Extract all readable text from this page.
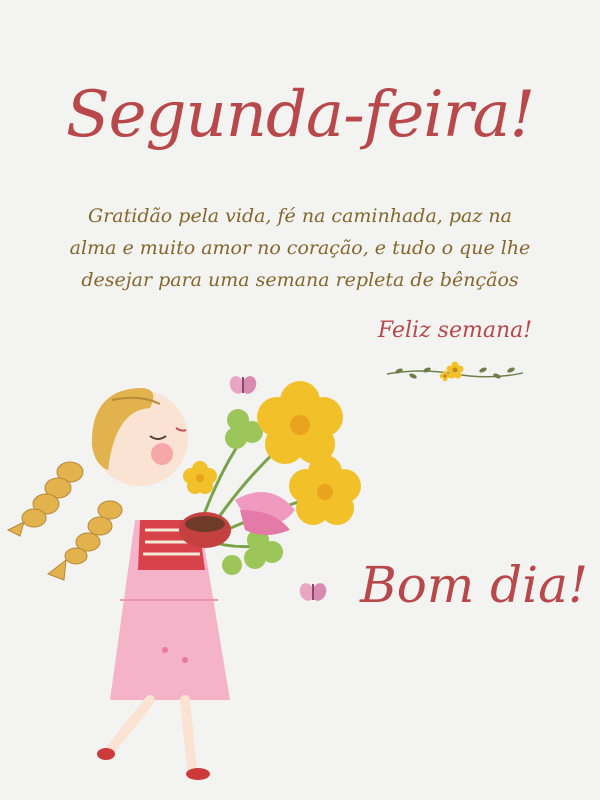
Segunda-feira!
Gratidão pela vida, fé na caminhada, paz na
alma e muito amor no coração, e tudo o que lhe
desejar para uma semana repleta de bênçãos
Feliz semana!
Bom dia!
